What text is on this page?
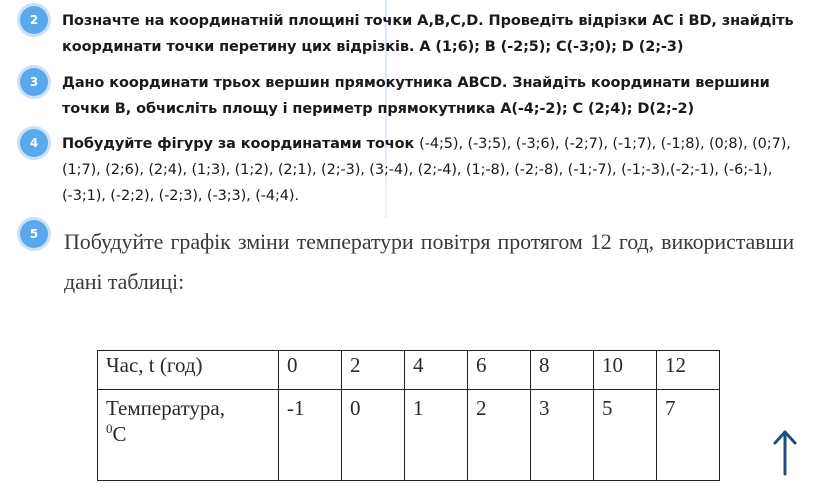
2	Позначте на координатній площині точки A,B,C,D. Проведіть відрізки AC і BD, знайдіть координати точки перетину цих відрізків. A (1;6); B (-2;5); C(-3;0); D (2;-3)
3	Дано координати трьох вершин прямокутника ABCD. Знайдіть координати вершини точки B, обчисліть площу і периметр прямокутника A(-4;-2); C (2;4); D(2;-2)
4	Побудуйте фігуру за координатами точок (-4;5), (-3;5), (-3;6), (-2;7), (-1;7), (-1;8), (0;8), (0;7), (1;7), (2;6), (2;4), (1;3), (1;2), (2;1), (2;-3), (3;-4), (2;-4), (1;-8), (-2;-8), (-1;-7), (-1;-3),(-2;-1), (-6;-1), (-3;1), (-2;2), (-2;3), (-3;3), (-4;4).
5	Побудуйте графік зміни температури повітря протягом 12 год, використавши дані таблиці:
Час, t (год)	0	2	4	6	8	10	12
Температура,
$^0$C	-1	0	1	2	3	5	7
